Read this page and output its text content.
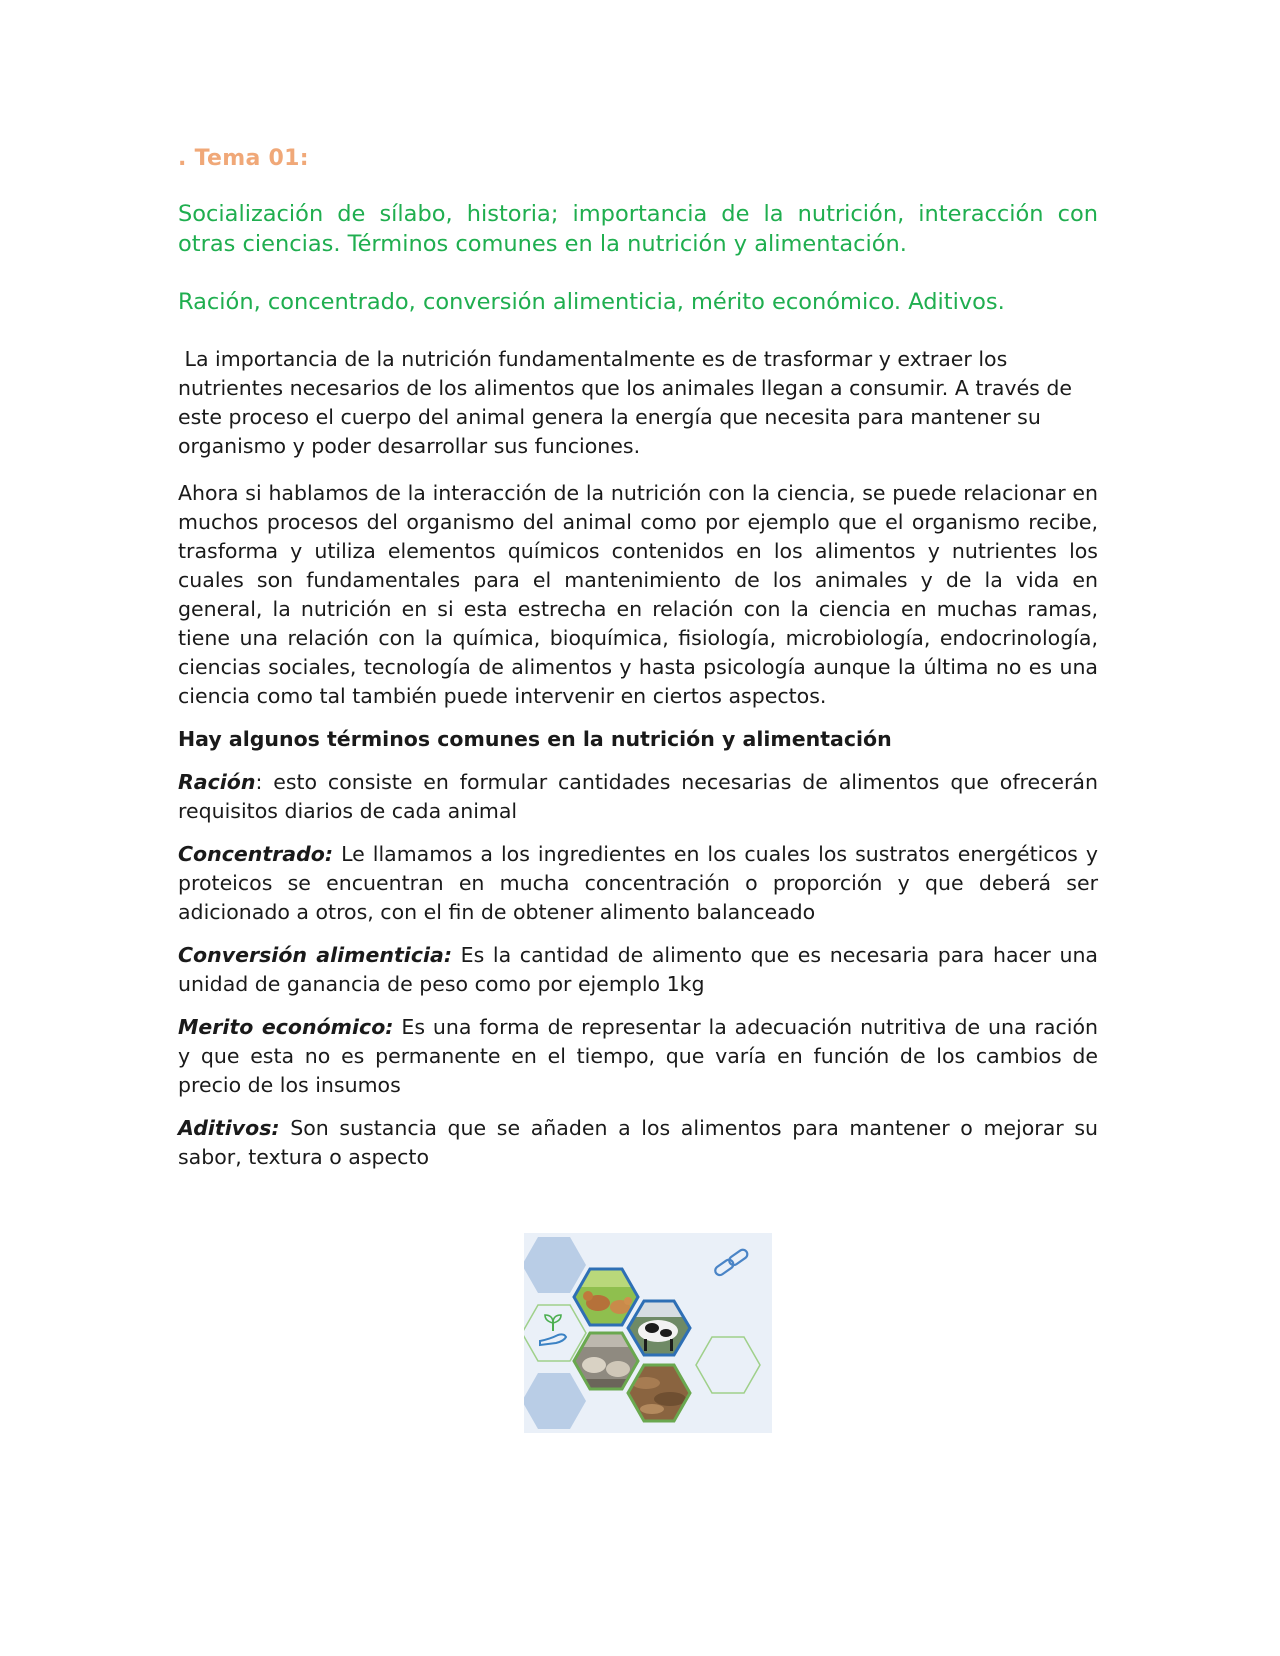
. Tema 01:

Socialización de sílabo, historia; importancia de la nutrición, interacción con otras ciencias. Términos comunes en la nutrición y alimentación.

Ración, concentrado, conversión alimenticia, mérito económico. Aditivos.

La importancia de la nutrición fundamentalmente es de trasformar y extraer los nutrientes necesarios de los alimentos que los animales llegan a consumir. A través de este proceso el cuerpo del animal genera la energía que necesita para mantener su organismo y poder desarrollar sus funciones.

Ahora si hablamos de la interacción de la nutrición con la ciencia, se puede relacionar en muchos procesos del organismo del animal como por ejemplo que el organismo recibe, trasforma y utiliza elementos químicos contenidos en los alimentos y nutrientes los cuales son fundamentales para el mantenimiento de los animales y de la vida en general, la nutrición en si esta estrecha en relación con la ciencia en muchas ramas, tiene una relación con la química, bioquímica, fisiología, microbiología, endocrinología, ciencias sociales, tecnología de alimentos y hasta psicología aunque la última no es una ciencia como tal también puede intervenir en ciertos aspectos.

Hay algunos términos comunes en la nutrición y alimentación

Ración: esto consiste en formular cantidades necesarias de alimentos que ofrecerán requisitos diarios de cada animal

Concentrado: Le llamamos a los ingredientes en los cuales los sustratos energéticos y proteicos se encuentran en mucha concentración o proporción y que deberá ser adicionado a otros, con el fin de obtener alimento balanceado

Conversión alimenticia: Es la cantidad de alimento que es necesaria para hacer una unidad de ganancia de peso como por ejemplo 1kg

Merito económico: Es una forma de representar la adecuación nutritiva de una ración y que esta no es permanente en el tiempo, que varía en función de los cambios de precio de los insumos

Aditivos: Son sustancia que se añaden a los alimentos para mantener o mejorar su sabor, textura o aspecto
